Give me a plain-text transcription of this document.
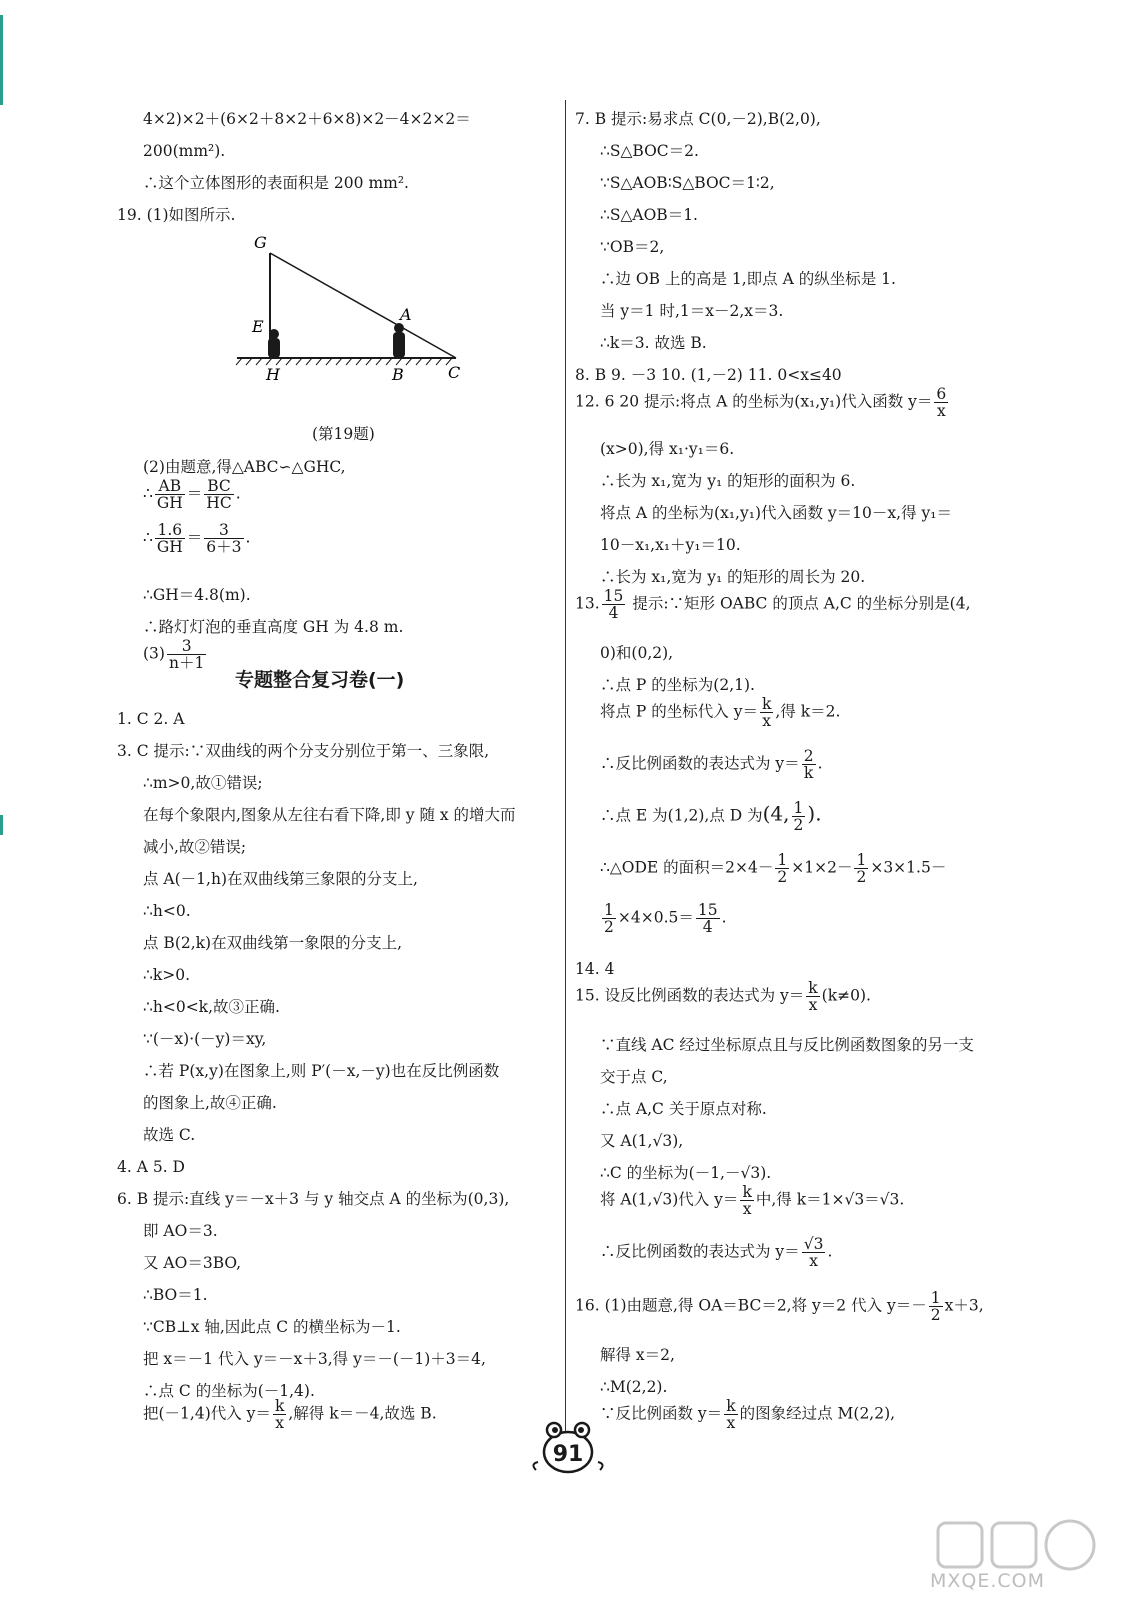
4×2)×2＋(6×2＋8×2＋6×8)×2－4×2×2＝
200(mm²).
∴这个立体图形的表面积是 200 mm².
19. (1)如图所示.
G
E
A
H	B	C
(第19题)
(2)由题意,得△ABC∽△GHC,
∴ $\frac{AB}{GH} = \frac{BC}{HC}$ .
∴ $\frac{1.6}{GH} = \frac{3}{6+3}$ .
∴GH＝4.8(m).
∴路灯灯泡的垂直高度 GH 为 4.8 m.
$(3) \frac{3}{n+1}$
专题整合复习卷(一)
1. C 2. A
3. C 提示:∵双曲线的两个分支分别位于第一、三象限,
∴m>0,故①错误;
在每个象限内,图象从左往右看下降,即 y 随 x 的增大而
减小,故②错误;
点 A(－1,h)在双曲线第三象限的分支上,
∴h<0.
点 B(2,k)在双曲线第一象限的分支上,
∴k>0.
∴h<0<k,故③正确.
∵(－x)·(－y)＝xy,
∴若 P(x,y)在图象上,则 P′(－x,－y)也在反比例函数
的图象上,故④正确.
故选 C.
4. A 5. D
6. B 提示:直线 y＝－x＋3 与 y 轴交点 A 的坐标为(0,3),
即 AO＝3.
又 AO＝3BO,
∴BO＝1.
∵CB⊥x 轴,因此点 C 的横坐标为－1.
把 x＝－1 代入 y＝－x＋3,得 y＝－(－1)＋3＝4,
∴点 C 的坐标为(－1,4).
把(－1,4)代入 $y= \frac{k}{x}$ ,解得 k＝－4,故选 B.
7. B 提示:易求点 C(0,－2),B(2,0),
∴S△BOC＝2.
∵S△AOB∶S△BOC＝1∶2,
∴S△AOB＝1.
∵OB＝2,
∴边 OB 上的高是 1,即点 A 的纵坐标是 1.
当 y＝1 时,1＝x－2,x＝3.
∴k＝3. 故选 B.
8. B 9. －3 10. (1,－2) 11. 0<x≤40
12. 6 20 提示:将点 A 的坐标为(x₁,y₁)代入函数 $y= \frac{6}{x}$
(x>0),得 x₁·y₁＝6.
∴长为 x₁,宽为 y₁ 的矩形的面积为 6.
将点 A 的坐标为(x₁,y₁)代入函数 y＝10－x,得 y₁＝
10－x₁,x₁＋y₁＝10.
∴长为 x₁,宽为 y₁ 的矩形的周长为 20.
13. $\frac{15}{4}$ 提示:∵矩形 OABC 的顶点 A,C 的坐标分别是(4,
0)和(0,2),
∴点 P 的坐标为(2,1).
将点 P 的坐标代入 $y= \frac{k}{x}$ ,得 k＝2.
∴反比例函数的表达式为 $y= \frac{2}{k}$ .
∴点 E 为(1,2),点 D 为(4, $\frac{1}{2}$ ).
∴△ODE 的面积$=2\times 4- \frac{1}{2} \times 1\times 2- \frac{1}{2} \times 3\times 1.5-$
$\frac{1}{2} \times 4\times 0.5= \frac{15}{4}$ .
14. 4
15. 设反比例函数的表达式为 $y= \frac{k}{x} (k\ne 0)$.
∵直线 AC 经过坐标原点且与反比例函数图象的另一支
交于点 C,
∴点 A,C 关于原点对称.
又 A(1,√3),
∴C 的坐标为(－1,－√3).
将 A(1,√3)代入 $y= \frac{k}{x}$ 中,得 k＝1×√3＝√3.
∴反比例函数的表达式为 $y= \frac{√3}{x}$ .
16. (1)由题意,得 OA＝BC＝2,将 y＝2 代入 $y=- \frac{1}{2} x+3$,
解得 x＝2,
∴M(2,2).
∵反比例函数 $y= \frac{k}{x}$ 的图象经过点 M(2,2),
91
MXQE.COM
